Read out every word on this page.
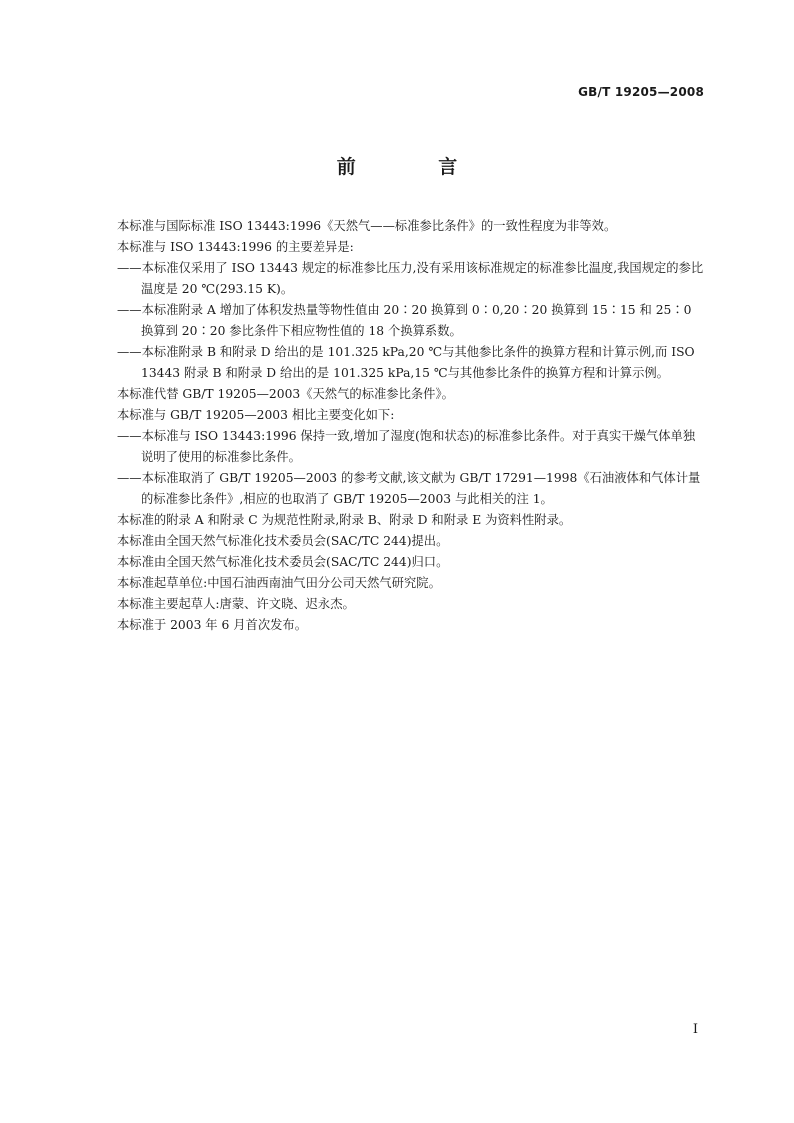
GB/T 19205—2008
前 言

本标准与国际标准 ISO 13443:1996《天然气——标准参比条件》的一致性程度为非等效。

本标准与 ISO 13443:1996 的主要差异是:

——本标准仅采用了 ISO 13443 规定的标准参比压力,没有采用该标准规定的标准参比温度,我国规定的参比温度是 20 ℃(293.15 K)。

——本标准附录 A 增加了体积发热量等物性值由 20∶20 换算到 0∶0,20∶20 换算到 15∶15 和 25∶0 换算到 20∶20 参比条件下相应物性值的 18 个换算系数。

——本标准附录 B 和附录 D 给出的是 101.325 kPa,20 ℃与其他参比条件的换算方程和计算示例,而 ISO 13443 附录 B 和附录 D 给出的是 101.325 kPa,15 ℃与其他参比条件的换算方程和计算示例。

本标准代替 GB/T 19205—2003《天然气的标准参比条件》。

本标准与 GB/T 19205—2003 相比主要变化如下:

——本标准与 ISO 13443:1996 保持一致,增加了湿度(饱和状态)的标准参比条件。对于真实干燥气体单独说明了使用的标准参比条件。

——本标准取消了 GB/T 19205—2003 的参考文献,该文献为 GB/T 17291—1998《石油液体和气体计量的标准参比条件》,相应的也取消了 GB/T 19205—2003 与此相关的注 1。

本标准的附录 A 和附录 C 为规范性附录,附录 B、附录 D 和附录 E 为资料性附录。

本标准由全国天然气标准化技术委员会(SAC/TC 244)提出。

本标准由全国天然气标准化技术委员会(SAC/TC 244)归口。

本标准起草单位:中国石油西南油气田分公司天然气研究院。

本标准主要起草人:唐蒙、许文晓、迟永杰。

本标准于 2003 年 6 月首次发布。

I
